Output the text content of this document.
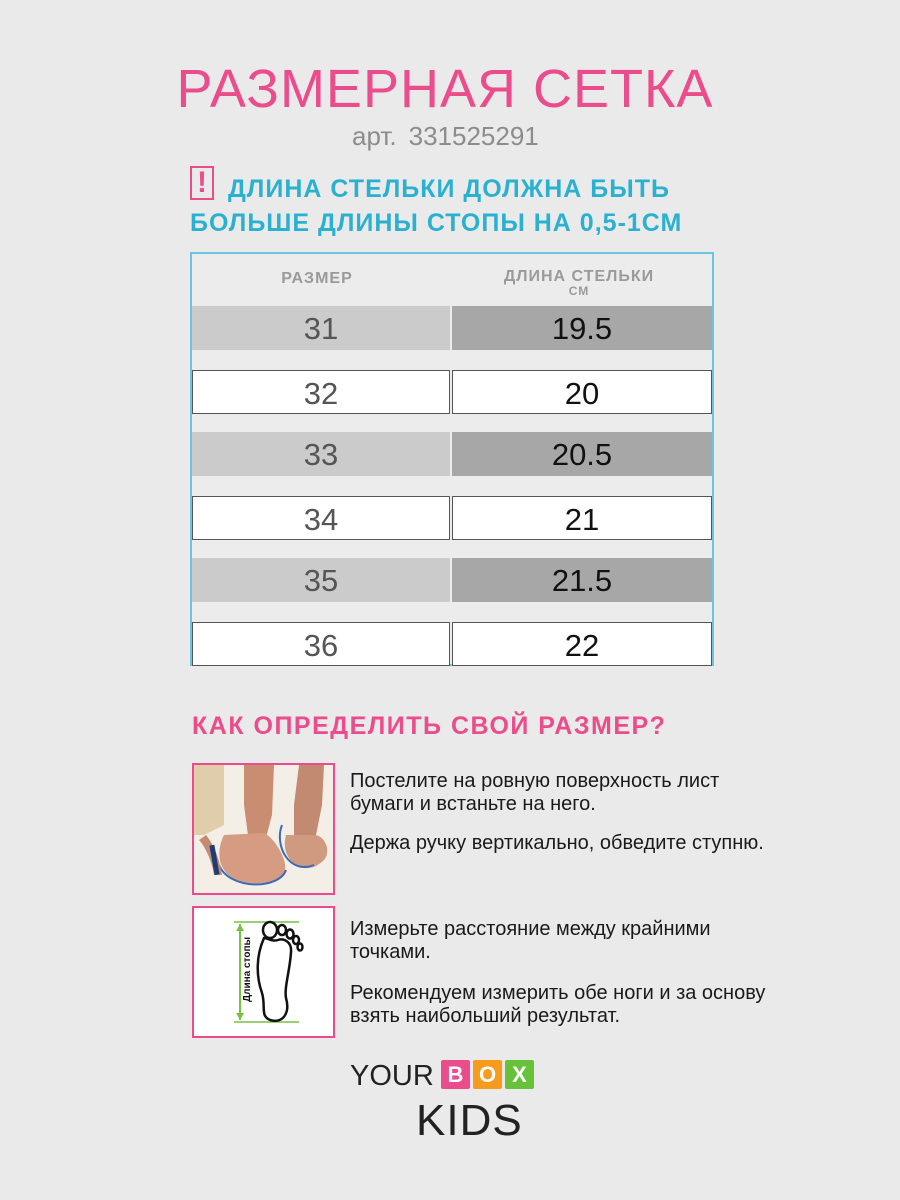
РАЗМЕРНАЯ СЕТКА
арт. 331525291
! ДЛИНА СТЕЛЬКИ ДОЛЖНА БЫТЬ
БОЛЬШЕ ДЛИНЫ СТОПЫ НА 0,5-1СМ
РАЗМЕР	ДЛИНА СТЕЛЬКИ
СМ
31	19.5
32	20
33	20.5
34	21
35	21.5
36	22
КАК ОПРЕДЕЛИТЬ СВОЙ РАЗМЕР?
Длина стопы
Постелите на ровную поверхность лист бумаги и встаньте на него.
Держа ручку вертикально, обведите ступню.
Измерьте расстояние между крайними точками.
Рекомендуем измерить обе ноги и за основу взять наибольший результат.
YOUR B O X
KIDS
